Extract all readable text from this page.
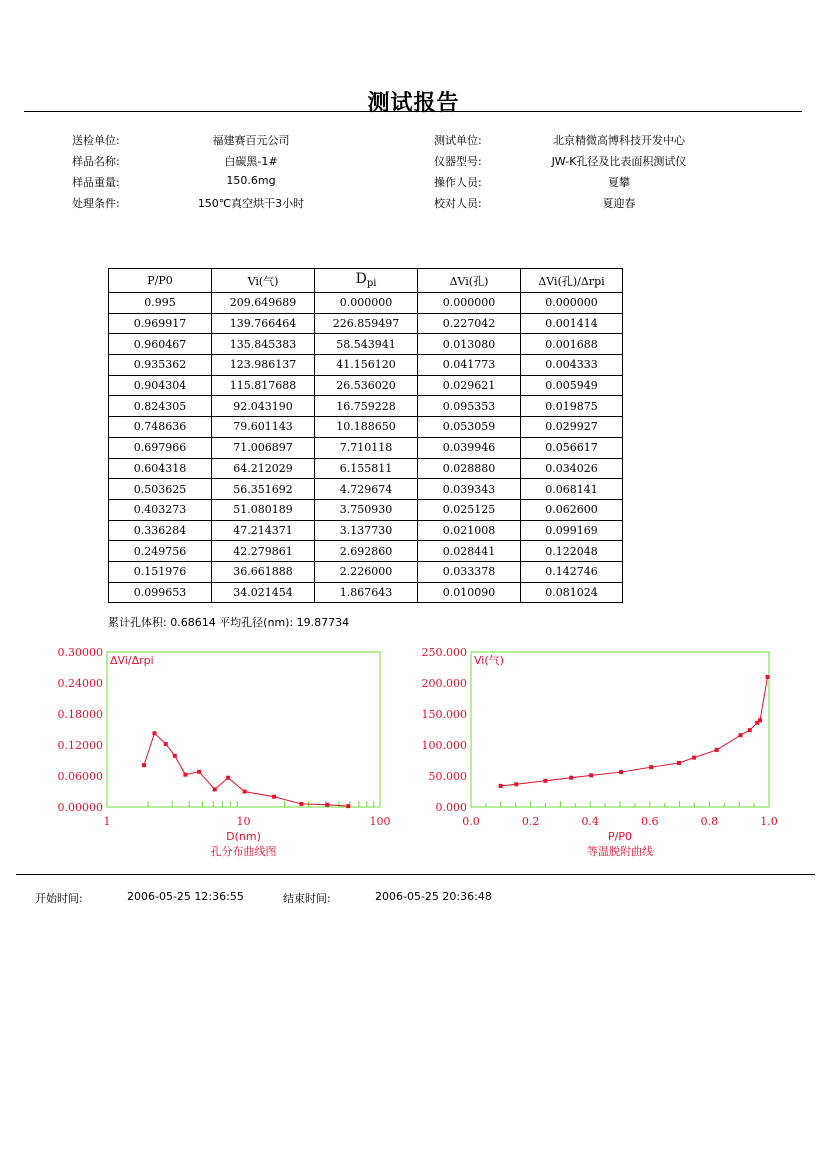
测试报告
送检单位:	福建赛百元公司
样品名称:	白碳黑-1#
样品重量:	150.6mg
处理条件:	150℃真空烘干3小时
测试单位:	北京精微高博科技开发中心
仪器型号:	JW-K孔径及比表面积测试仪
操作人员:	夏攀
校对人员:	夏迎春
P/P0	Vi(气)	$D_{pi}$	ΔVi(孔)	ΔVi(孔)/Δrpi
0.995	209.649689	0.000000	0.000000	0.000000
0.969917	139.766464	226.859497	0.227042	0.001414
0.960467	135.845383	58.543941	0.013080	0.001688
0.935362	123.986137	41.156120	0.041773	0.004333
0.904304	115.817688	26.536020	0.029621	0.005949
0.824305	92.043190	16.759228	0.095353	0.019875
0.748636	79.601143	10.188650	0.053059	0.029927
0.697966	71.006897	7.710118	0.039946	0.056617
0.604318	64.212029	6.155811	0.028880	0.034026
0.503625	56.351692	4.729674	0.039343	0.068141
0.403273	51.080189	3.750930	0.025125	0.062600
0.336284	47.214371	3.137730	0.021008	0.099169
0.249756	42.279861	2.692860	0.028441	0.122048
0.151976	36.661888	2.226000	0.033378	0.142746
0.099653	34.021454	1.867643	0.010090	0.081024
累计孔体积: 0.68614 平均孔径(nm): 19.87734
0.00000
0.06000
0.12000
0.18000
0.24000
0.30000
1	10	100
ΔVi/Δrpi
D(nm)
孔分布曲线图
0.000
50.000
100.000
150.000
200.000
250.000
0.0	0.2	0.4	0.6	0.8	1.0
Vi(气)
P/P0
等温脱附曲线
开始时间:	2006-05-25 12:36:55	结束时间:	2006-05-25 20:36:48
